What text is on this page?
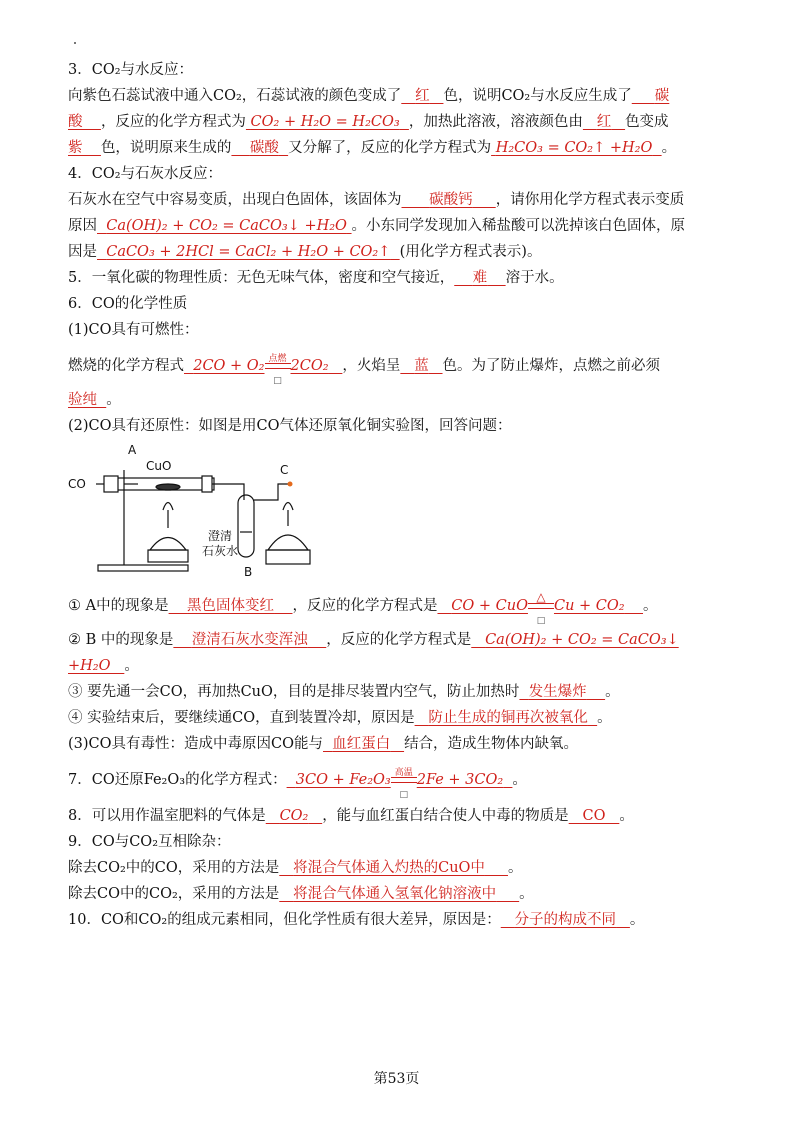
3．CO₂与水反应：
向紫色石蕊试液中通入CO₂，石蕊试液的颜色变成了 红 色，说明CO₂与水反应生成了 碳
酸 ，反应的化学方程式为 CO₂ + H₂O = H₂CO₃ ，加热此溶液，溶液颜色由 红 色变成
紫 色，说明原来生成的 碳酸 又分解了，反应的化学方程式为 H₂CO₃ = CO₂↑ +H₂O 。
4．CO₂与石灰水反应：
石灰水在空气中容易变质，出现白色固体，该固体为 碳酸钙 ，请你用化学方程式表示变质
原因 Ca(OH)₂ + CO₂ = CaCO₃↓ +H₂O 。小东同学发现加入稀盐酸可以洗掉该白色固体，原
因是 CaCO₃ + 2HCl = CaCl₂ + H₂O + CO₂↑ (用化学方程式表示)。
5．一氧化碳的物理性质：无色无味气体，密度和空气接近， 难 溶于水。
6．CO的化学性质
(1)CO具有可燃性：
燃烧的化学方程式 2CO + O₂ 点燃
□
2CO₂ ，火焰呈 蓝 色。为了防止爆炸，点燃之前必须
验纯 。
(2)CO具有还原性：如图是用CO气体还原氧化铜实验图，回答问题：
CO
A
CuO	C
澄清
石灰水
B
① A中的现象是 黑色固体变红 ，反应的化学方程式是 CO + CuO
△
□
Cu + CO₂ 。
② B 中的现象是 澄清石灰水变浑浊 ，反应的化学方程式是 Ca(OH)₂ + CO₂ = CaCO₃↓
+H₂O 。
③ 要先通一会CO，再加热CuO，目的是排尽装置内空气，防止加热时 发生爆炸 。
④ 实验结束后，要继续通CO，直到装置冷却，原因是 防止生成的铜再次被氧化 。
(3)CO具有毒性：造成中毒原因CO能与 血红蛋白 结合，造成生物体内缺氧。
7．CO还原Fe₂O₃的化学方程式： 3CO + Fe₂O₃ 高温
□
2Fe + 3CO₂ 。
8．可以用作温室肥料的气体是 CO₂ ，能与血红蛋白结合使人中毒的物质是 CO 。
9．CO与CO₂互相除杂：
除去CO₂中的CO，采用的方法是 将混合气体通入灼热的CuO中 。
除去CO中的CO₂，采用的方法是 将混合气体通入氢氧化钠溶液中 。
10．CO和CO₂的组成元素相同，但化学性质有很大差异，原因是： 分子的构成不同 。
第53页
